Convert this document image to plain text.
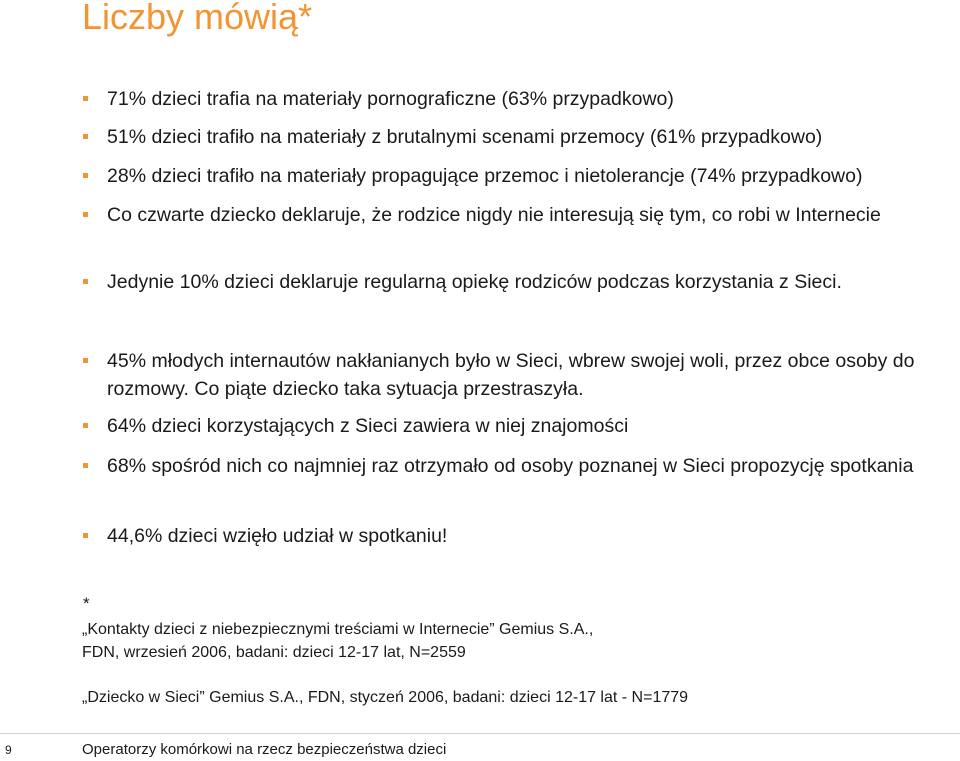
Liczby mówią*
71% dzieci trafia na materiały pornograficzne (63% przypadkowo)
51% dzieci trafiło na materiały z brutalnymi scenami przemocy (61% przypadkowo)
28% dzieci trafiło na materiały propagujące przemoc i nietolerancje (74% przypadkowo)
Co czwarte dziecko deklaruje, że rodzice nigdy nie interesują się tym, co robi w Internecie
Jedynie 10% dzieci deklaruje regularną opiekę rodziców podczas korzystania z Sieci.
45% młodych internautów nakłanianych było w Sieci, wbrew swojej woli, przez obce osoby do rozmowy. Co piąte dziecko taka sytuacja przestraszyła.
64% dzieci korzystających z Sieci zawiera w niej znajomości
68% spośród nich co najmniej raz otrzymało od osoby poznanej w Sieci propozycję spotkania
44,6% dzieci wzięło udział w spotkaniu!
*
„Kontakty dzieci z niebezpiecznymi treściami w Internecie” Gemius S.A.,
FDN, wrzesień 2006, badani: dzieci 12-17 lat, N=2559
„Dziecko w Sieci” Gemius S.A., FDN, styczeń 2006, badani: dzieci 12-17 lat - N=1779
9	Operatorzy komórkowi na rzecz bezpieczeństwa dzieci
